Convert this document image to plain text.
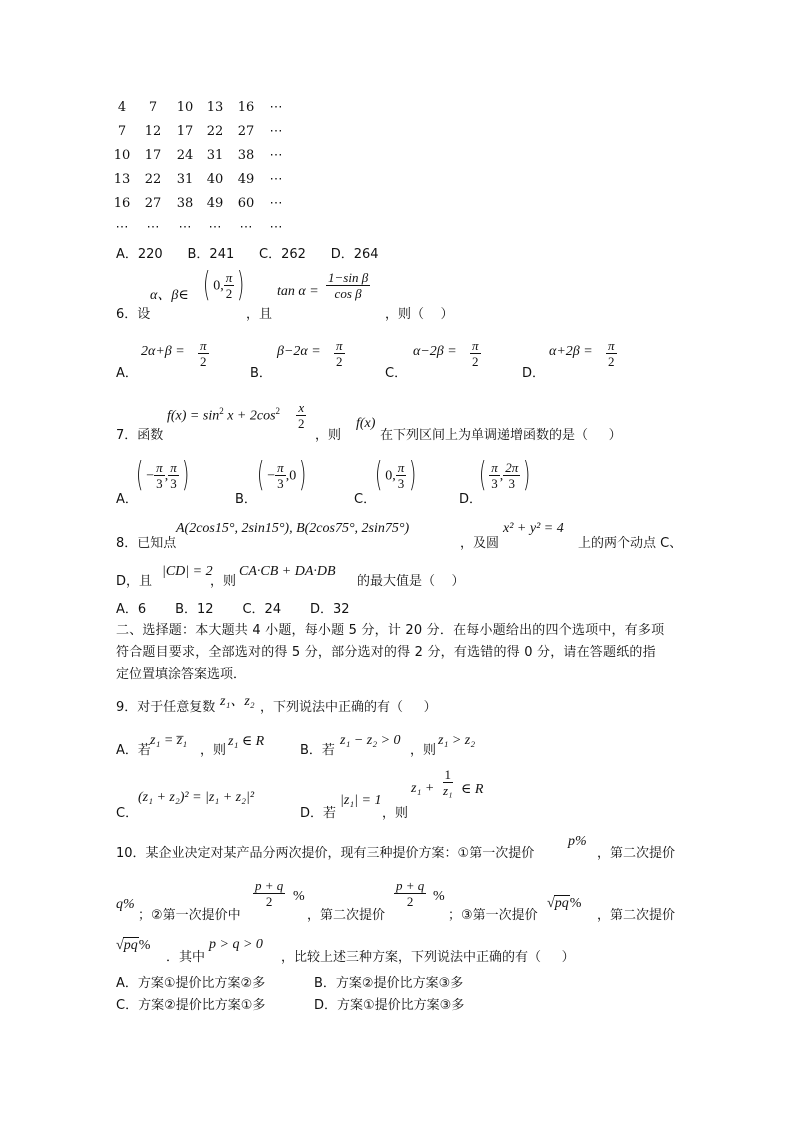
4	7	10	13	16	⋯
7	12	17	22	27	⋯
10	17	24	31	38	⋯
13	22	31	40	49	⋯
16	27	38	49	60	⋯
⋯	⋯	⋯	⋯	⋯	⋯
A．220      B．241      C．262      D．264
6．设
α、β∈ ( 0, $\frac{\pi}{2}$ )
，且
$\tan \alpha = \frac{\text{1−sin β}}{\text{cos β}}$
，则（    ）
A．
$2\alpha+\beta = \frac{\pi}{2}$
B．
$\beta-2\alpha = \frac{\pi}{2}$
C．
$\alpha-2\beta = \frac{\pi}{2}$
D．
$\alpha+2\beta = \frac{\pi}{2}$
7．函数
$f(x) = \sin^2 x + 2\cos^2 \frac{x}{2}$
，则
f(x)
在下列区间上为单调递增函数的是（     ）
A．
( − $\frac{\pi}{3}$ , $\frac{\pi}{3}$ )
B．
( − $\frac{\pi}{3} ,0$)
C．
( 0, $\frac{\pi}{3}$ )
D．
( $\frac{\pi}{3}$ , $\frac{2\pi}{3}$ )
8．已知点
A(2cos15°, 2sin15°), B(2cos75°, 2sin75°)
，及圆
x² + y² = 4
上的两个动点 C、
D，且
|CD| = 2
，则
CA·CB + DA·DB
的最大值是（    ）
A．6       B．12       C．24       D．32
二、选择题：本大题共 4 小题，每小题 5 分，计 20 分．在每小题给出的四个选项中，有多项
符合题目要求，全部选对的得 5 分，部分选对的得 2 分，有选错的得 0 分，请在答题纸的指
定位置填涂答案选项．
9．对于任意复数 z₁、z₂ ，下列说法中正确的有（     ）
A．若
z₁ = z̅₁
，则
z₁ ∈ R
B．若
z₁ − z₂ > 0
，则
z₁ > z₂
C．
(z₁ + z₂)² = |z₁ + z₂|²
D．若
|z₁| = 1
，则
$z_1 + \frac{1}{\text{z₁}}$ ∈ R
10．某企业决定对某产品分两次提价，现有三种提价方案：①第一次提价
p%
，第二次提价
q%
；②第一次提价中
$\frac{p + q}{2}$ %
，第二次提价
$\frac{p + q}{2}$ %
；③第一次提价
√pq%
，第二次提价
√pq%
．其中
p > q > 0
，比较上述三种方案，下列说法中正确的有（     ）
A．方案①提价比方案②多	B．方案②提价比方案③多
C．方案②提价比方案①多	D．方案①提价比方案③多
